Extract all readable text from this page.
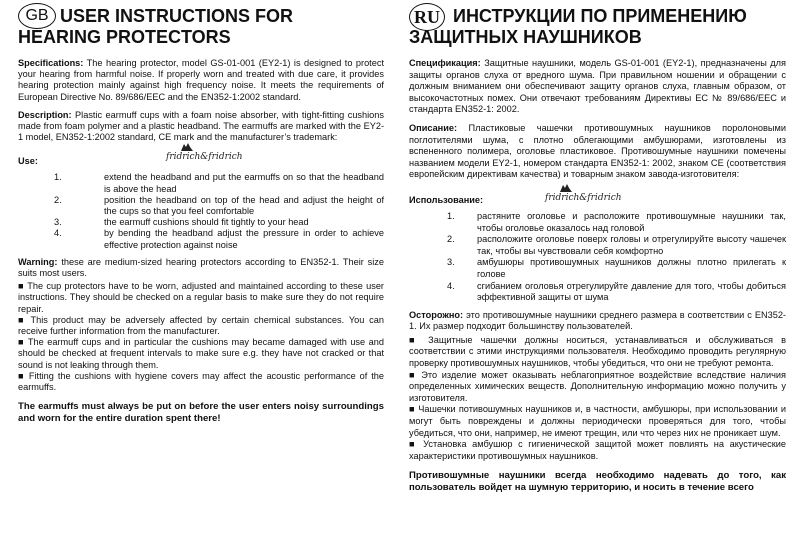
GB USER INSTRUCTIONS FOR
HEARING PROTECTORS

Specifications: The hearing protector, model GS-01-001 (EY2-1) is designed to protect your hearing from harmful noise. If properly worn and treated with due care, it provides hearing protection mainly against high frequency noise. It meets the requirements of European Directive No. 89/686/EEC and the EN352-1:2002 standard.

Description: Plastic earmuff cups with a foam noise absorber, with tight-fitting cushions made from foam polymer and a plastic headband. The earmuffs are marked with the EY2-1 model, EN352-1:2002 standard, CE mark and the manufacturer’s trademark:

Use:	fridrich&fridrich
1.	extend the headband and put the earmuffs on so that the headband is above the head
2.	position the headband on top of the head and adjust the height of the cups so that you feel comfortable
3.	the earmuff cushions should fit tightly to your head
4.	by bending the headband adjust the pressure in order to achieve effective protection against noise

Warning: these are medium-sized hearing protectors according to EN352-1. Their size suits most users.

■ The cup protectors have to be worn, adjusted and maintained according to these user instructions. They should be checked on a regular basis to make sure they do not require repair.
■ This product may be adversely affected by certain chemical substances. You can receive further information from the manufacturer.
■ The earmuff cups and in particular the cushions may became damaged with use and should be checked at frequent intervals to make sure e.g. they have not cracked or that sound is not leaking through them.
■ Fitting the cushions with hygiene covers may affect the acoustic performance of the earmuffs.

The earmuffs must always be put on before the user enters noisy surroundings and worn for the entire duration spent there!

RU ИНСТРУКЦИИ ПО ПРИМЕНЕНИЮ
ЗАЩИТНЫХ НАУШНИКОВ

Спецификация: Защитные наушники, модель GS-01-001 (EY2-1), предназначены для защиты органов слуха от вредного шума. При правильном ношении и обращении с должным вниманием они обеспечивают защиту органов слуха, главным образом, от высокочастотных помех. Они отвечают требованиям Директивы ЕС № 89/686/EEC и стандарта EN352-1: 2002.

Описание: Пластиковые чашечки противошумных наушников поролоновыми поглотителями шума, с плотно облегающими амбушюрами, изготовлены из вспененного полимера, оголовье пластиковое. Противошумные наушники помечены названием модели EY2-1, номером стандарта EN352-1: 2002, знаком CE (соответствия европейским директивам качества) и товарным знаком завода-изготовителя:

Использование:	fridrich&fridrich
1.	растяните оголовье и расположите противошумные наушники так, чтобы оголовье оказалось над головой
2.	расположите оголовье поверх головы и отрегулируйте высоту чашечек так, чтобы вы чувствовали себя комфортно
3.	амбушюры противошумных наушников должны плотно прилегать к голове
4.	сгибанием оголовья отрегулируйте давление для того, чтобы добиться эффективной защиты от шума

Осторожно: это противошумные наушники среднего размера в соответствии с EN352-1. Их размер подходит большинству пользователей.

■ Защитные чашечки должны носиться, устанавливаться и обслуживаться в соответствии с этими инструкциями пользователя. Необходимо проводить регулярную проверку противошумных наушников, чтобы убедиться, что они не требуют ремонта.
■ Это изделие может оказывать неблагоприятное воздействие вследствие наличия определенных химических веществ. Дополнительную информацию можно получить у изготовителя.
■ Чашечки потивошумных наушников и, в частности, амбушюры, при использовании и могут быть повреждены и должны периодически проверяться для того, чтобы убедиться, что они, например, не имеют трещин, или что через них не проникает шум.
■ Установка амбушюр с гигиенической защитой может повлиять на акустические характеристики противошумных наушников.

Противошумные наушники всегда необходимо надевать до того, как пользователь войдет на шумную территорию, и носить в течение всего
